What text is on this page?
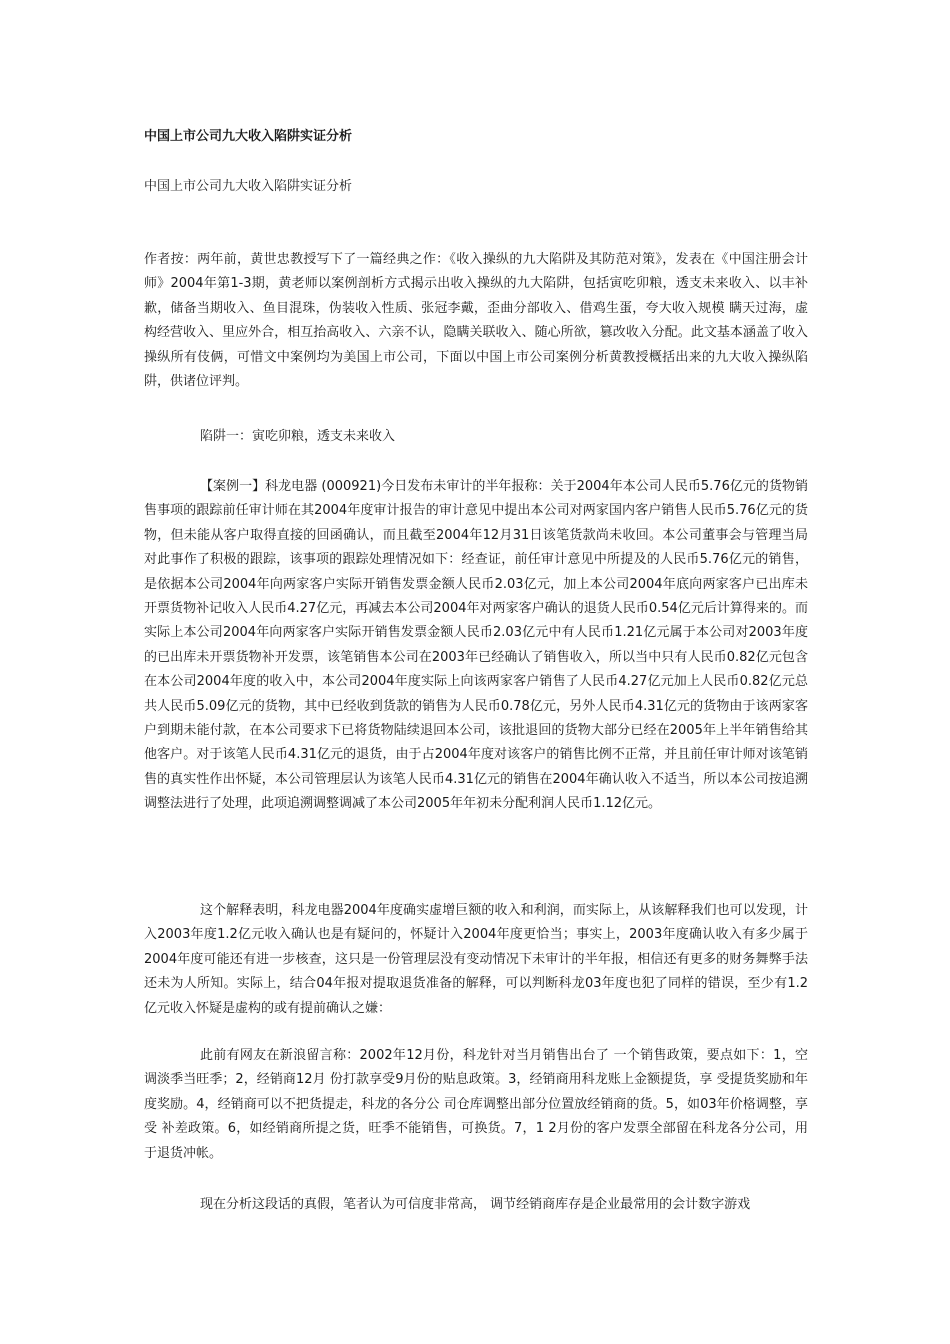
中国上市公司九大收入陷阱实证分析
中国上市公司九大收入陷阱实证分析

作者按：两年前，黄世忠教授写下了一篇经典之作：《收入操纵的九大陷阱及其防范对策》，发表在《中国注册会计师》2004年第1-3期，黄老师以案例剖析方式揭示出收入操纵的九大陷阱，包括寅吃卯粮，透支未来收入、以丰补歉，储备当期收入、鱼目混珠，伪装收入性质、张冠李戴，歪曲分部收入、借鸡生蛋，夸大收入规模 瞒天过海，虚构经营收入、里应外合，相互抬高收入、六亲不认，隐瞒关联收入、随心所欲，篡改收入分配。此文基本涵盖了收入操纵所有伎俩，可惜文中案例均为美国上市公司，下面以中国上市公司案例分析黄教授概括出来的九大收入操纵陷阱，供诸位评判。

陷阱一：寅吃卯粮，透支未来收入

【案例一】科龙电器 (000921)今日发布未审计的半年报称：关于2004年本公司人民币5.76亿元的货物销售事项的跟踪前任审计师在其2004年度审计报告的审计意见中提出本公司对两家国内客户销售人民币5.76亿元的货物，但未能从客户取得直接的回函确认，而且截至2004年12月31日该笔货款尚未收回。本公司董事会与管理当局对此事作了积极的跟踪，该事项的跟踪处理情况如下：经查证，前任审计意见中所提及的人民币5.76亿元的销售，是依据本公司2004年向两家客户实际开销售发票金额人民币2.03亿元，加上本公司2004年底向两家客户已出库未开票货物补记收入人民币4.27亿元，再减去本公司2004年对两家客户确认的退货人民币0.54亿元后计算得来的。而实际上本公司2004年向两家客户实际开销售发票金额人民币2.03亿元中有人民币1.21亿元属于本公司对2003年度的已出库未开票货物补开发票，该笔销售本公司在2003年已经确认了销售收入，所以当中只有人民币0.82亿元包含在本公司2004年度的收入中，本公司2004年度实际上向该两家客户销售了人民币4.27亿元加上人民币0.82亿元总共人民币5.09亿元的货物，其中已经收到货款的销售为人民币0.78亿元，另外人民币4.31亿元的货物由于该两家客户到期未能付款，在本公司要求下已将货物陆续退回本公司，该批退回的货物大部分已经在2005年上半年销售给其他客户。对于该笔人民币4.31亿元的退货，由于占2004年度对该客户的销售比例不正常，并且前任审计师对该笔销售的真实性作出怀疑，本公司管理层认为该笔人民币4.31亿元的销售在2004年确认收入不适当，所以本公司按追溯调整法进行了处理，此项追溯调整调减了本公司2005年年初未分配利润人民币1.12亿元。

这个解释表明，科龙电器2004年度确实虚增巨额的收入和利润，而实际上，从该解释我们也可以发现，计入2003年度1.2亿元收入确认也是有疑问的，怀疑计入2004年度更恰当；事实上，2003年度确认收入有多少属于2004年度可能还有进一步核查，这只是一份管理层没有变动情况下未审计的半年报，相信还有更多的财务舞弊手法还未为人所知。实际上，结合04年报对提取退货准备的解释，可以判断科龙03年度也犯了同样的错误，至少有1.2亿元收入怀疑是虚构的或有提前确认之嫌：

此前有网友在新浪留言称：2002年12月份，科龙针对当月销售出台了 一个销售政策，要点如下：1，空调淡季当旺季；2，经销商12月 份打款享受9月份的贴息政策。3，经销商用科龙账上金额提货，享 受提货奖励和年度奖励。4，经销商可以不把货提走，科龙的各分公 司仓库调整出部分位置放经销商的货。5，如03年价格调整，享受 补差政策。6，如经销商所提之货，旺季不能销售，可换货。7，1 2月份的客户发票全部留在科龙各分公司，用于退货冲帐。

现在分析这段话的真假，笔者认为可信度非常高， 调节经销商库存是企业最常用的会计数字游戏
